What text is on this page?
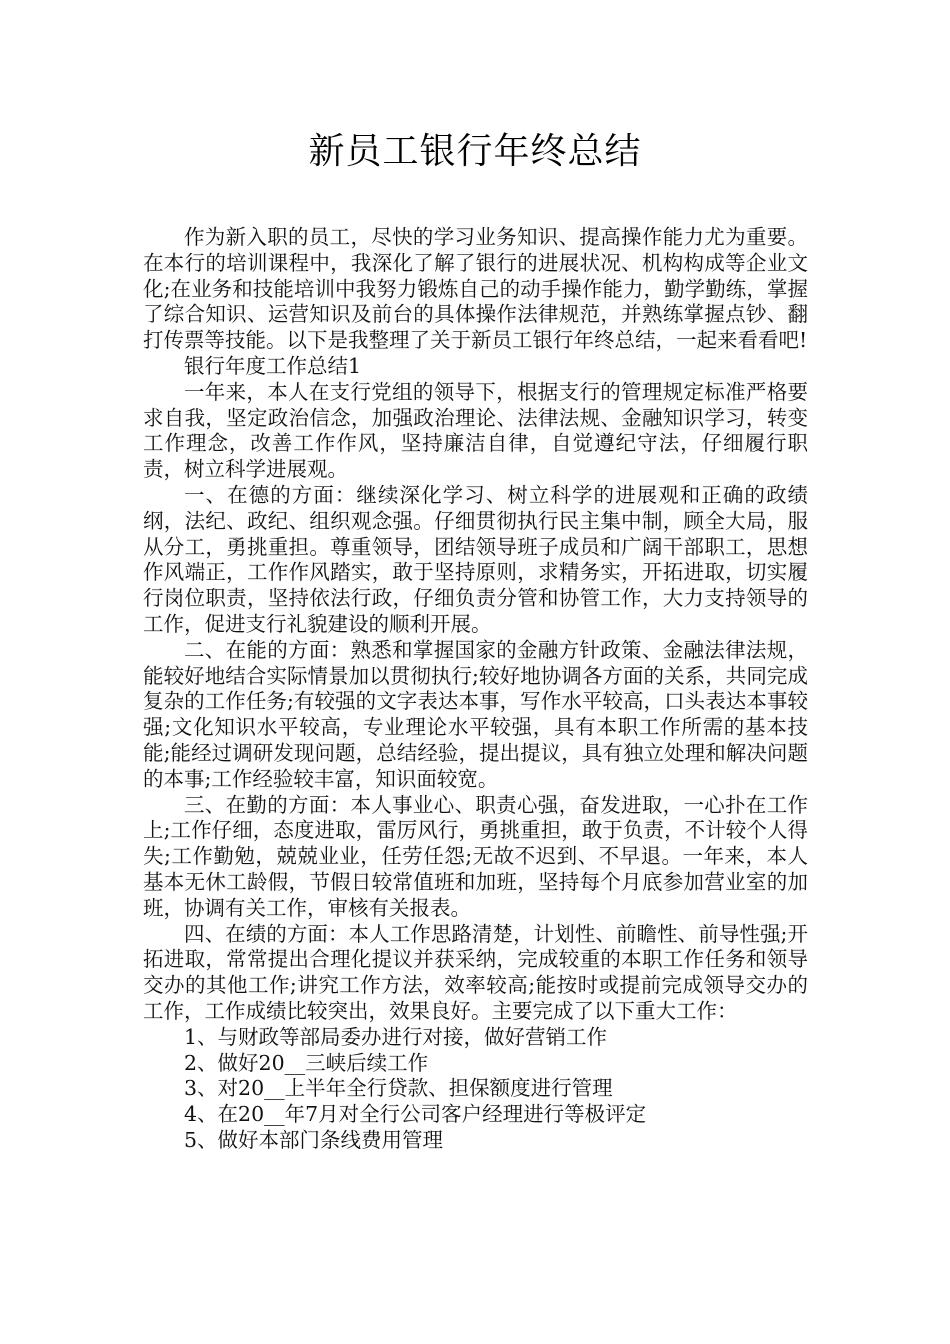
新员工银行年终总结

作为新入职的员工，尽快的学习业务知识、提高操作能力尤为重要。在本行的培训课程中，我深化了解了银行的进展状况、机构构成等企业文化;在业务和技能培训中我努力锻炼自己的动手操作能力，勤学勤练，掌握了综合知识、运营知识及前台的具体操作法律规范，并熟练掌握点钞、翻打传票等技能。以下是我整理了关于新员工银行年终总结，一起来看看吧!

银行年度工作总结1

一年来，本人在支行党组的领导下，根据支行的管理规定标准严格要求自我，坚定政治信念，加强政治理论、法律法规、金融知识学习，转变工作理念，改善工作作风，坚持廉洁自律，自觉遵纪守法，仔细履行职责，树立科学进展观。

一、在德的方面：继续深化学习、树立科学的进展观和正确的政绩纲，法纪、政纪、组织观念强。仔细贯彻执行民主集中制，顾全大局，服从分工，勇挑重担。尊重领导，团结领导班子成员和广阔干部职工，思想作风端正，工作作风踏实，敢于坚持原则，求精务实，开拓进取，切实履行岗位职责，坚持依法行政，仔细负责分管和协管工作，大力支持领导的工作，促进支行礼貌建设的顺利开展。

二、在能的方面：熟悉和掌握国家的金融方针政策、金融法律法规，能较好地结合实际情景加以贯彻执行;较好地协调各方面的关系，共同完成复杂的工作任务;有较强的文字表达本事，写作水平较高，口头表达本事较强;文化知识水平较高，专业理论水平较强，具有本职工作所需的基本技能;能经过调研发现问题，总结经验，提出提议，具有独立处理和解决问题的本事;工作经验较丰富，知识面较宽。

三、在勤的方面：本人事业心、职责心强，奋发进取，一心扑在工作上;工作仔细，态度进取，雷厉风行，勇挑重担，敢于负责，不计较个人得失;工作勤勉，兢兢业业，任劳任怨;无故不迟到、不早退。一年来，本人基本无休工龄假，节假日较常值班和加班，坚持每个月底参加营业室的加班，协调有关工作，审核有关报表。

四、在绩的方面：本人工作思路清楚，计划性、前瞻性、前导性强;开拓进取，常常提出合理化提议并获采纳，完成较重的本职工作任务和领导交办的其他工作;讲究工作方法，效率较高;能按时或提前完成领导交办的工作，工作成绩比较突出，效果良好。主要完成了以下重大工作：

1、与财政等部局委办进行对接，做好营销工作

2、做好20__三峡后续工作

3、对20__上半年全行贷款、担保额度进行管理

4、在20__年7月对全行公司客户经理进行等极评定

5、做好本部门条线费用管理
